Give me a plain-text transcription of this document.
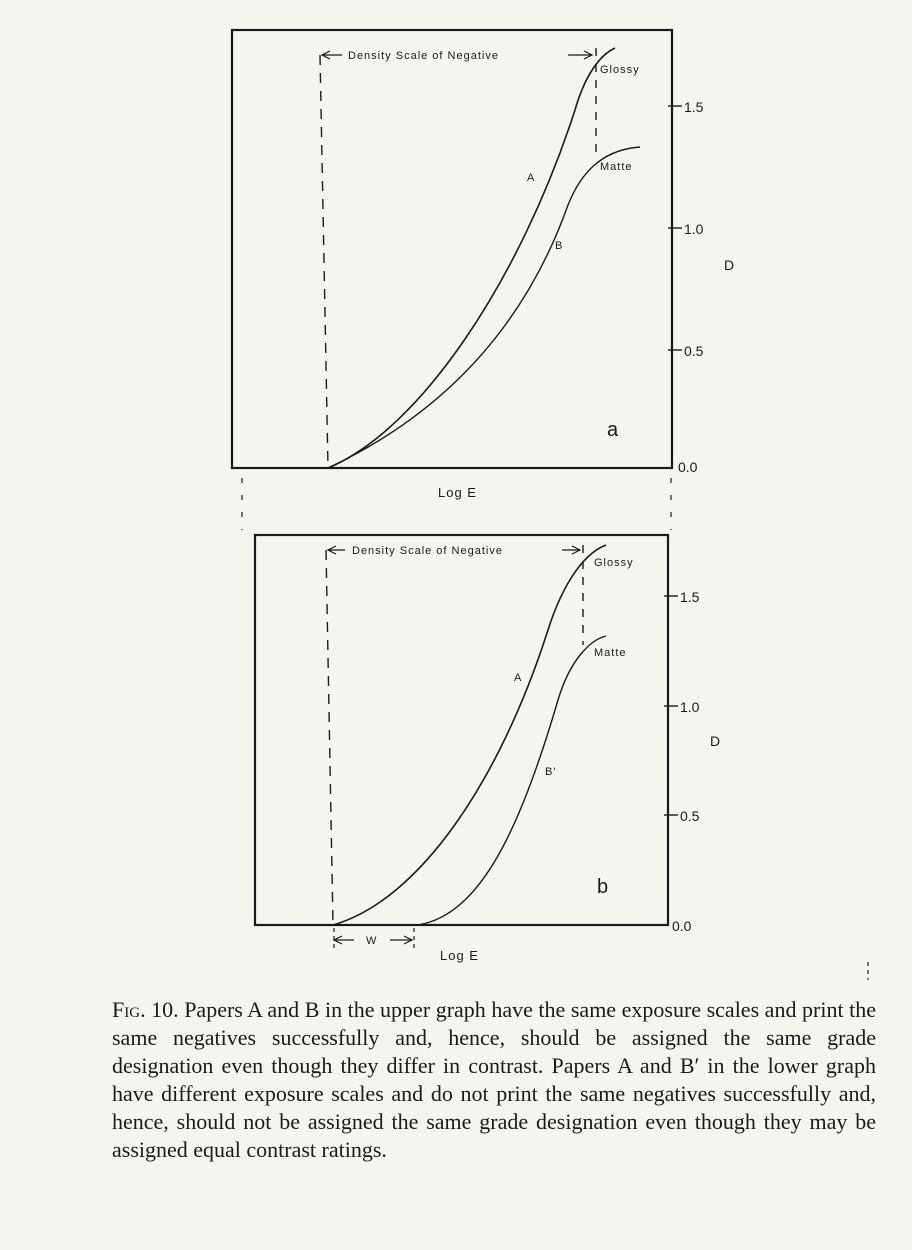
Density Scale of Negative
Glossy
Matte
A
B
a
Log E
D
1.5
1.0
0.5
0.0
Density Scale of Negative
Glossy
Matte
A
B'
b
W
Log E
D
1.5
1.0
0.5
0.0

Fig. 10. Papers A and B in the upper graph have the same exposure scales and print the same negatives successfully and, hence, should be assigned the same grade designation even though they differ in contrast. Papers A and B′ in the lower graph have different exposure scales and do not print the same negatives successfully and, hence, should not be assigned the same grade designation even though they may be assigned equal contrast ratings.
